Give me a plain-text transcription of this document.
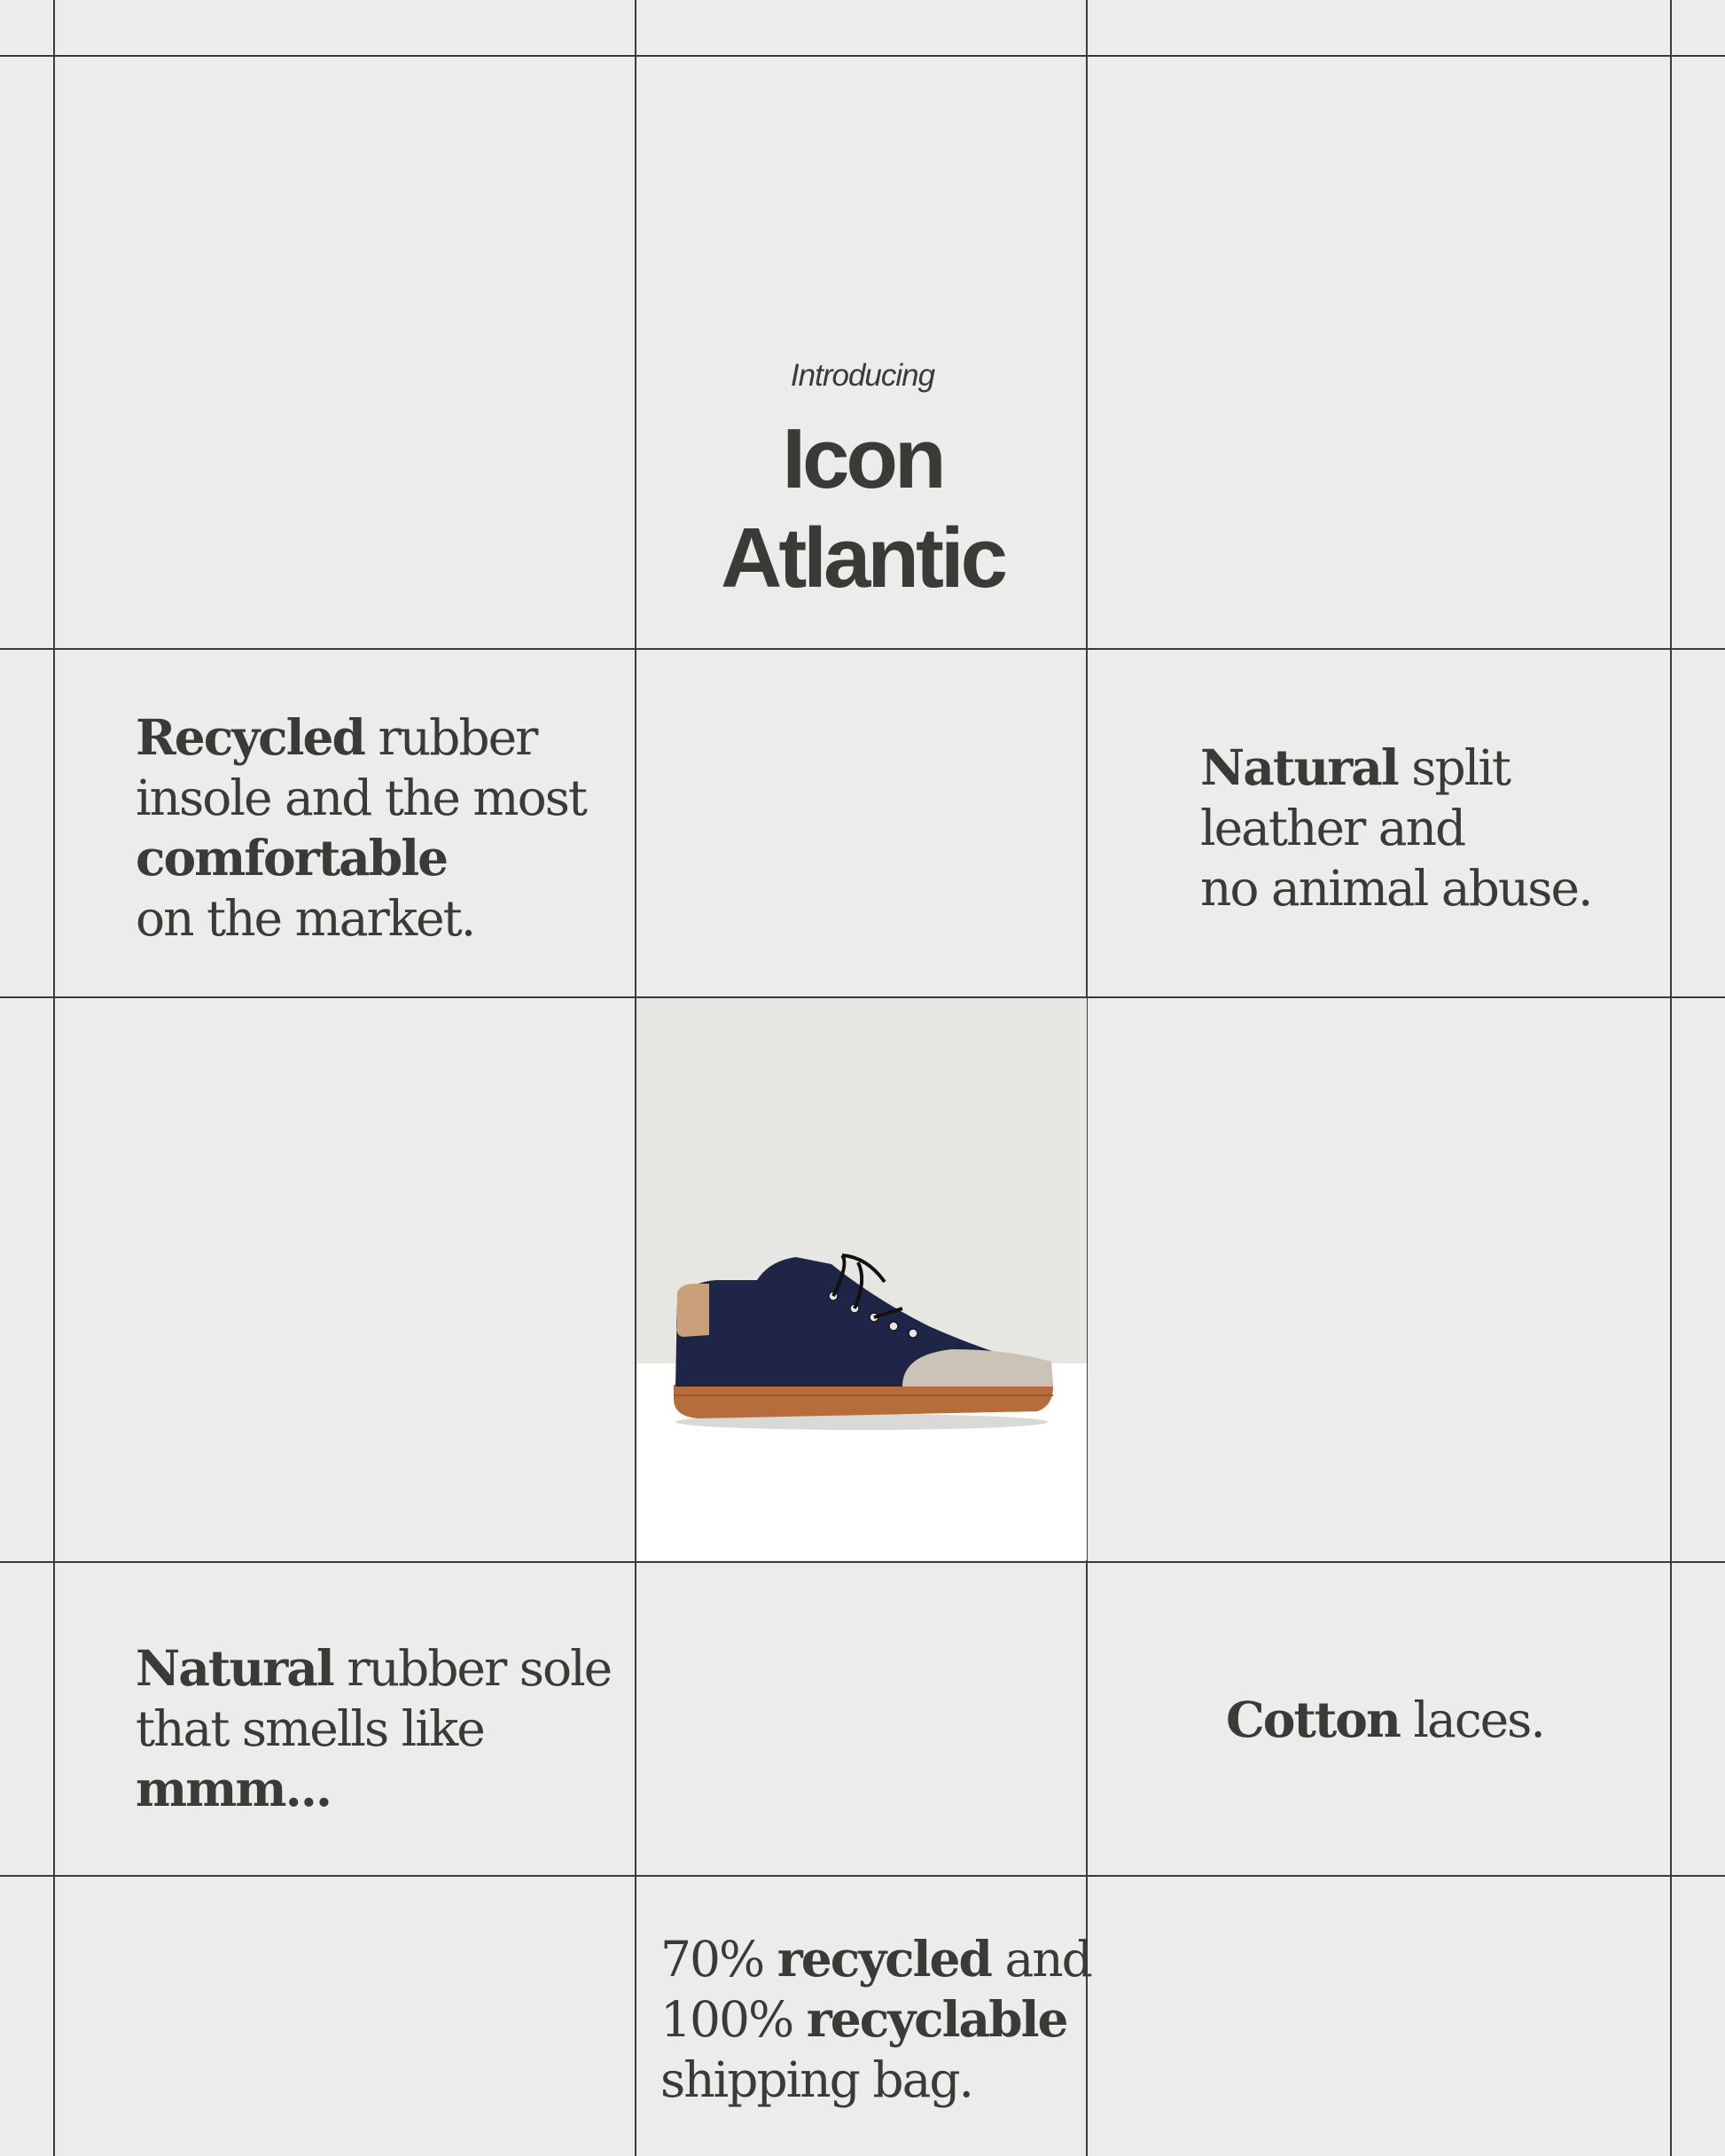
Introducing
Icon
Atlantic
Recycled rubber
insole and the most
comfortable
on the market.
Natural split
leather and
no animal abuse.
Natural rubber sole
that smells like
mmm...
Cotton laces.
70% recycled and
100% recyclable
shipping bag.
